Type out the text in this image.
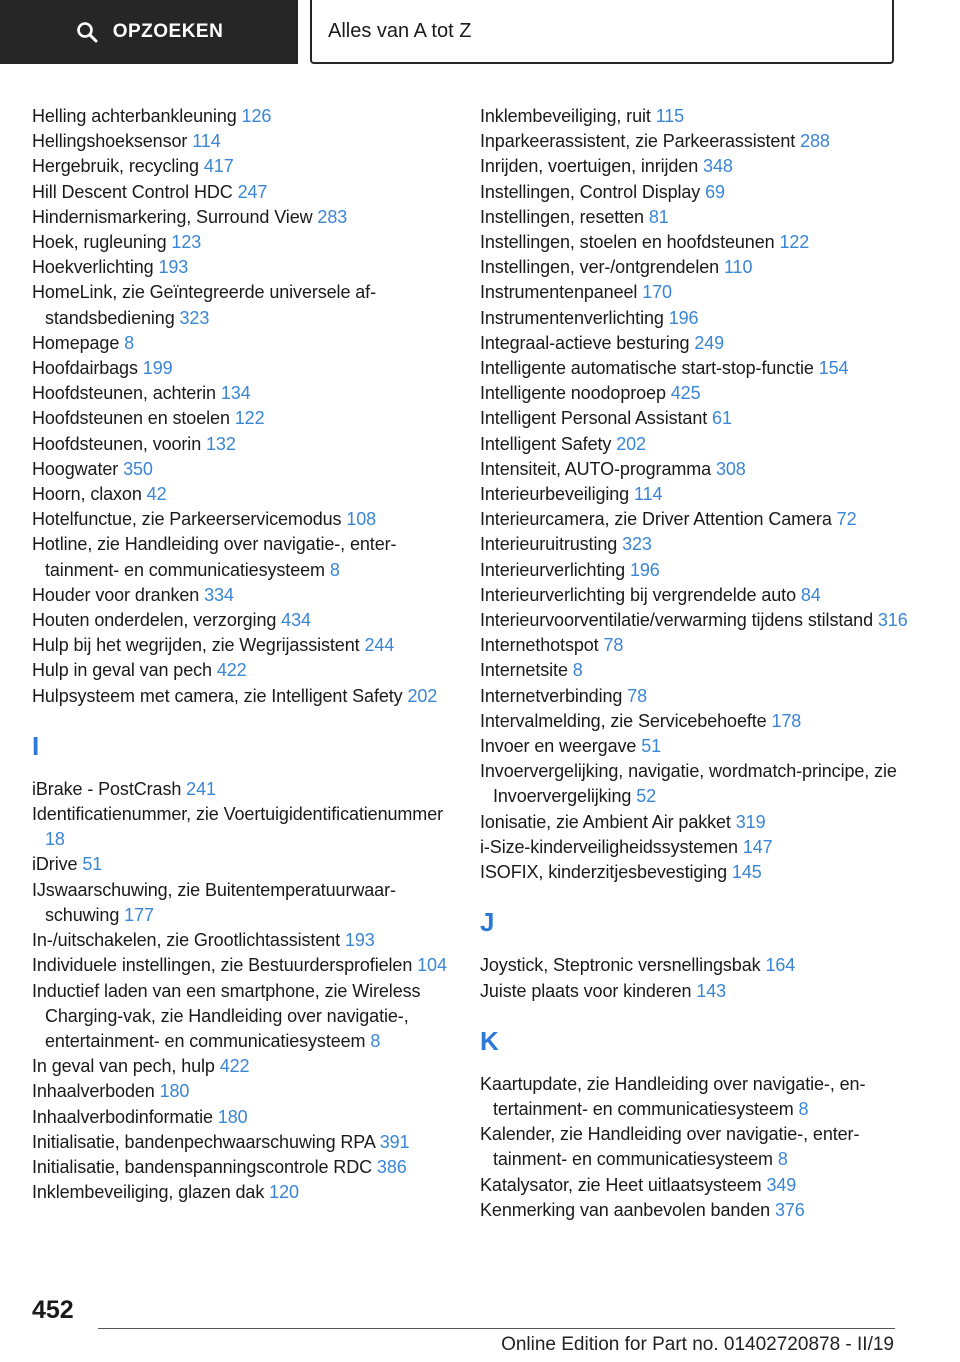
OPZOEKEN	Alles van A tot Z
Helling achterbankleuning 126
Hellingshoeksensor 114
Hergebruik, recycling 417
Hill Descent Control HDC 247
Hindernismarkering, Surround View 283
Hoek, rugleuning 123
Hoekverlichting 193
HomeLink, zie Geïntegreerde universele afstandsbediening 323
Homepage 8
Hoofdairbags 199
Hoofdsteunen, achterin 134
Hoofdsteunen en stoelen 122
Hoofdsteunen, voorin 132
Hoogwater 350
Hoorn, claxon 42
Hotelfunctue, zie Parkeerservicemodus 108
Hotline, zie Handleiding over navigatie-, entertainment- en communicatiesysteem 8
Houder voor dranken 334
Houten onderdelen, verzorging 434
Hulp bij het wegrijden, zie Wegrijassistent 244
Hulp in geval van pech 422
Hulpsysteem met camera, zie Intelligent Safety 202
I
iBrake - PostCrash 241
Identificatienummer, zie Voertuigidentificatienummer 18
iDrive 51
IJswaarschuwing, zie Buitentemperatuurwaarschuwing 177
In-/uitschakelen, zie Grootlichtassistent 193
Individuele instellingen, zie Bestuurdersprofielen 104
Inductief laden van een smartphone, zie Wireless Charging-vak, zie Handleiding over navigatie-, entertainment- en communicatiesysteem 8
In geval van pech, hulp 422
Inhaalverboden 180
Inhaalverbodinformatie 180
Initialisatie, bandenpechwaarschuwing RPA 391
Initialisatie, bandenspanningscontrole RDC 386
Inklembeveiliging, glazen dak 120
Inklembeveiliging, ruit 115
Inparkeerassistent, zie Parkeerassistent 288
Inrijden, voertuigen, inrijden 348
Instellingen, Control Display 69
Instellingen, resetten 81
Instellingen, stoelen en hoofdsteunen 122
Instellingen, ver-/ontgrendelen 110
Instrumentenpaneel 170
Instrumentenverlichting 196
Integraal-actieve besturing 249
Intelligente automatische start-stop-functie 154
Intelligente noodoproep 425
Intelligent Personal Assistant 61
Intelligent Safety 202
Intensiteit, AUTO-programma 308
Interieurbeveiliging 114
Interieurcamera, zie Driver Attention Camera 72
Interieuruitrusting 323
Interieurverlichting 196
Interieurverlichting bij vergrendelde auto 84
Interieurvoorventilatie/verwarming tijdens stilstand 316
Internethotspot 78
Internetsite 8
Internetverbinding 78
Intervalmelding, zie Servicebehoefte 178
Invoer en weergave 51
Invoervergelijking, navigatie, wordmatch-principe, zie Invoervergelijking 52
Ionisatie, zie Ambient Air pakket 319
i-Size-kinderveiligheidssystemen 147
ISOFIX, kinderzitjesbevestiging 145
J
Joystick, Steptronic versnellingsbak 164
Juiste plaats voor kinderen 143
K
Kaartupdate, zie Handleiding over navigatie-, entertainment- en communicatiesysteem 8
Kalender, zie Handleiding over navigatie-, entertainment- en communicatiesysteem 8
Katalysator, zie Heet uitlaatsysteem 349
Kenmerking van aanbevolen banden 376
452
Online Edition for Part no. 01402720878 - II/19
